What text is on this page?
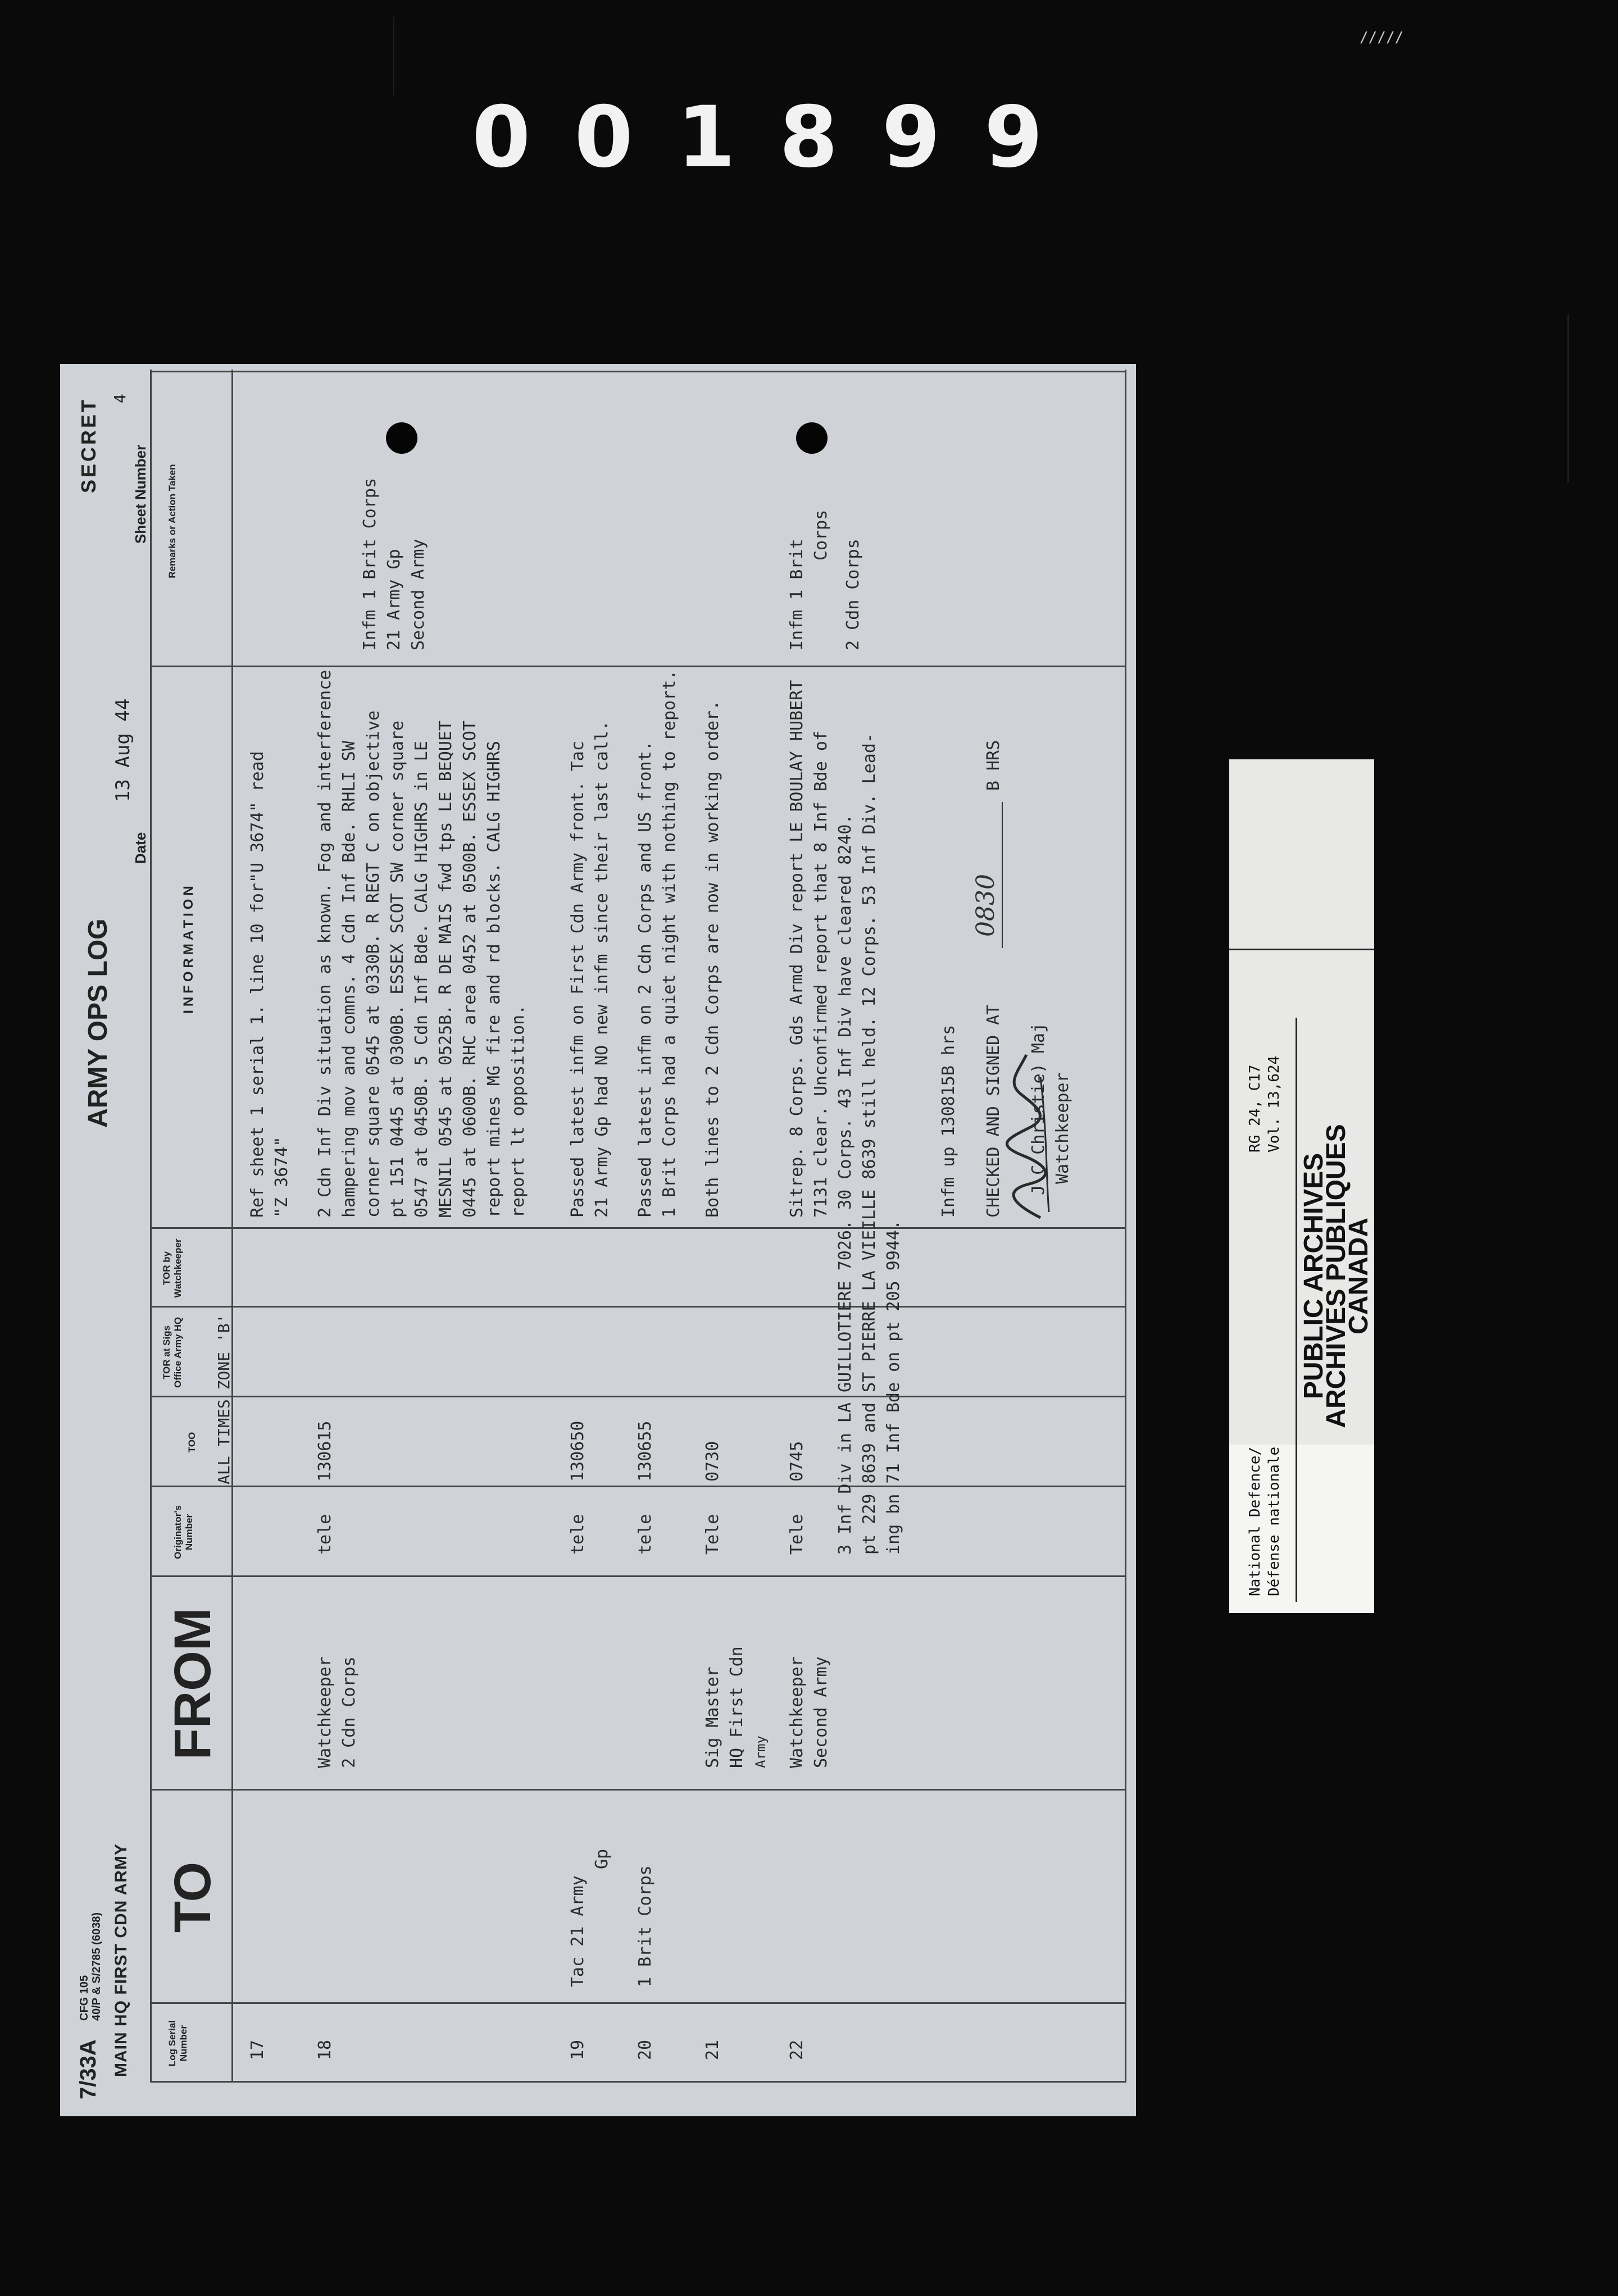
001899
∕∕∕∕∕
7/33A
CFG 105 40/P & S/2785 (6038) MAIN HQ FIRST CDN ARMY
ARMY OPS LOG
SECRET
Date
13 Aug 44
Sheet Number
4
Log Serial Number
TO
FROM
Originator's Number
TOO
TOR at Sigs Office Army HQ
TOR by Watchkeeper
INFORMATION
Remarks or Action Taken
ALL TIMES ZONE 'B'
17
Ref sheet 1 serial 1. line 10 for"U 3674" read "Z 3674"
18
Watchkeeper 2 Cdn Corps
tele
130615
2 Cdn Inf Div situation as known. Fog and interference hampering mov and comns. 4 Cdn Inf Bde. RHLI SW corner square 0545 at 0330B. R REGT C on objective pt 151 0445 at 0300B. ESSEX SCOT SW corner square 0547 at 0450B. 5 Cdn Inf Bde. CALG HIGHRS in LE MESNIL 0545 at 0525B. R DE MAIS fwd tps LE BEQUET 0445 at 0600B. RHC area 0452 at 0500B. ESSEX SCOT report mines MG fire and rd blocks. CALG HIGHRS report lt opposition.
Infm 1 Brit Corps 21 Army Gp Second Army
19
Tac 21 Army
Gp
tele
130650
Passed latest infm on First Cdn Army front. Tac 21 Army Gp had NO new infm since their last call.
20
1 Brit Corps
tele
130655
Passed latest infm on 2 Cdn Corps and US front. 1 Brit Corps had a quiet night with nothing to report.
21
Sig Master HQ First Cdn Army
Tele
0730
Both lines to 2 Cdn Corps are now in working order.
22
Watchkeeper Second Army
Tele
0745
Sitrep. 8 Corps. Gds Armd Div report LE BOULAY HUBERT 7131 clear. Unconfirmed report that 8 Inf Bde of 3 Inf Div in LA GUILLOTIERE 7026. 30 Corps. 43 Inf Div have cleared 8240. pt 229 8639 and ST PIERRE LA VIEILLE 8639 still held. 12 Corps. 53 Inf Div. Lead- ing bn 71 Inf Bde on pt 205 9944.
Infm 1 Brit
Corps
2 Cdn Corps
Infm up 130815B hrs CHECKED AND SIGNED AT
0830
B HRS
J C Christie) Maj Watchkeeper
National Defence/ Défense nationale
RG 24, C17 Vol. 13,624
PUBLIC ARCHIVES
ARCHIVES PUBLIQUES
CANADA
